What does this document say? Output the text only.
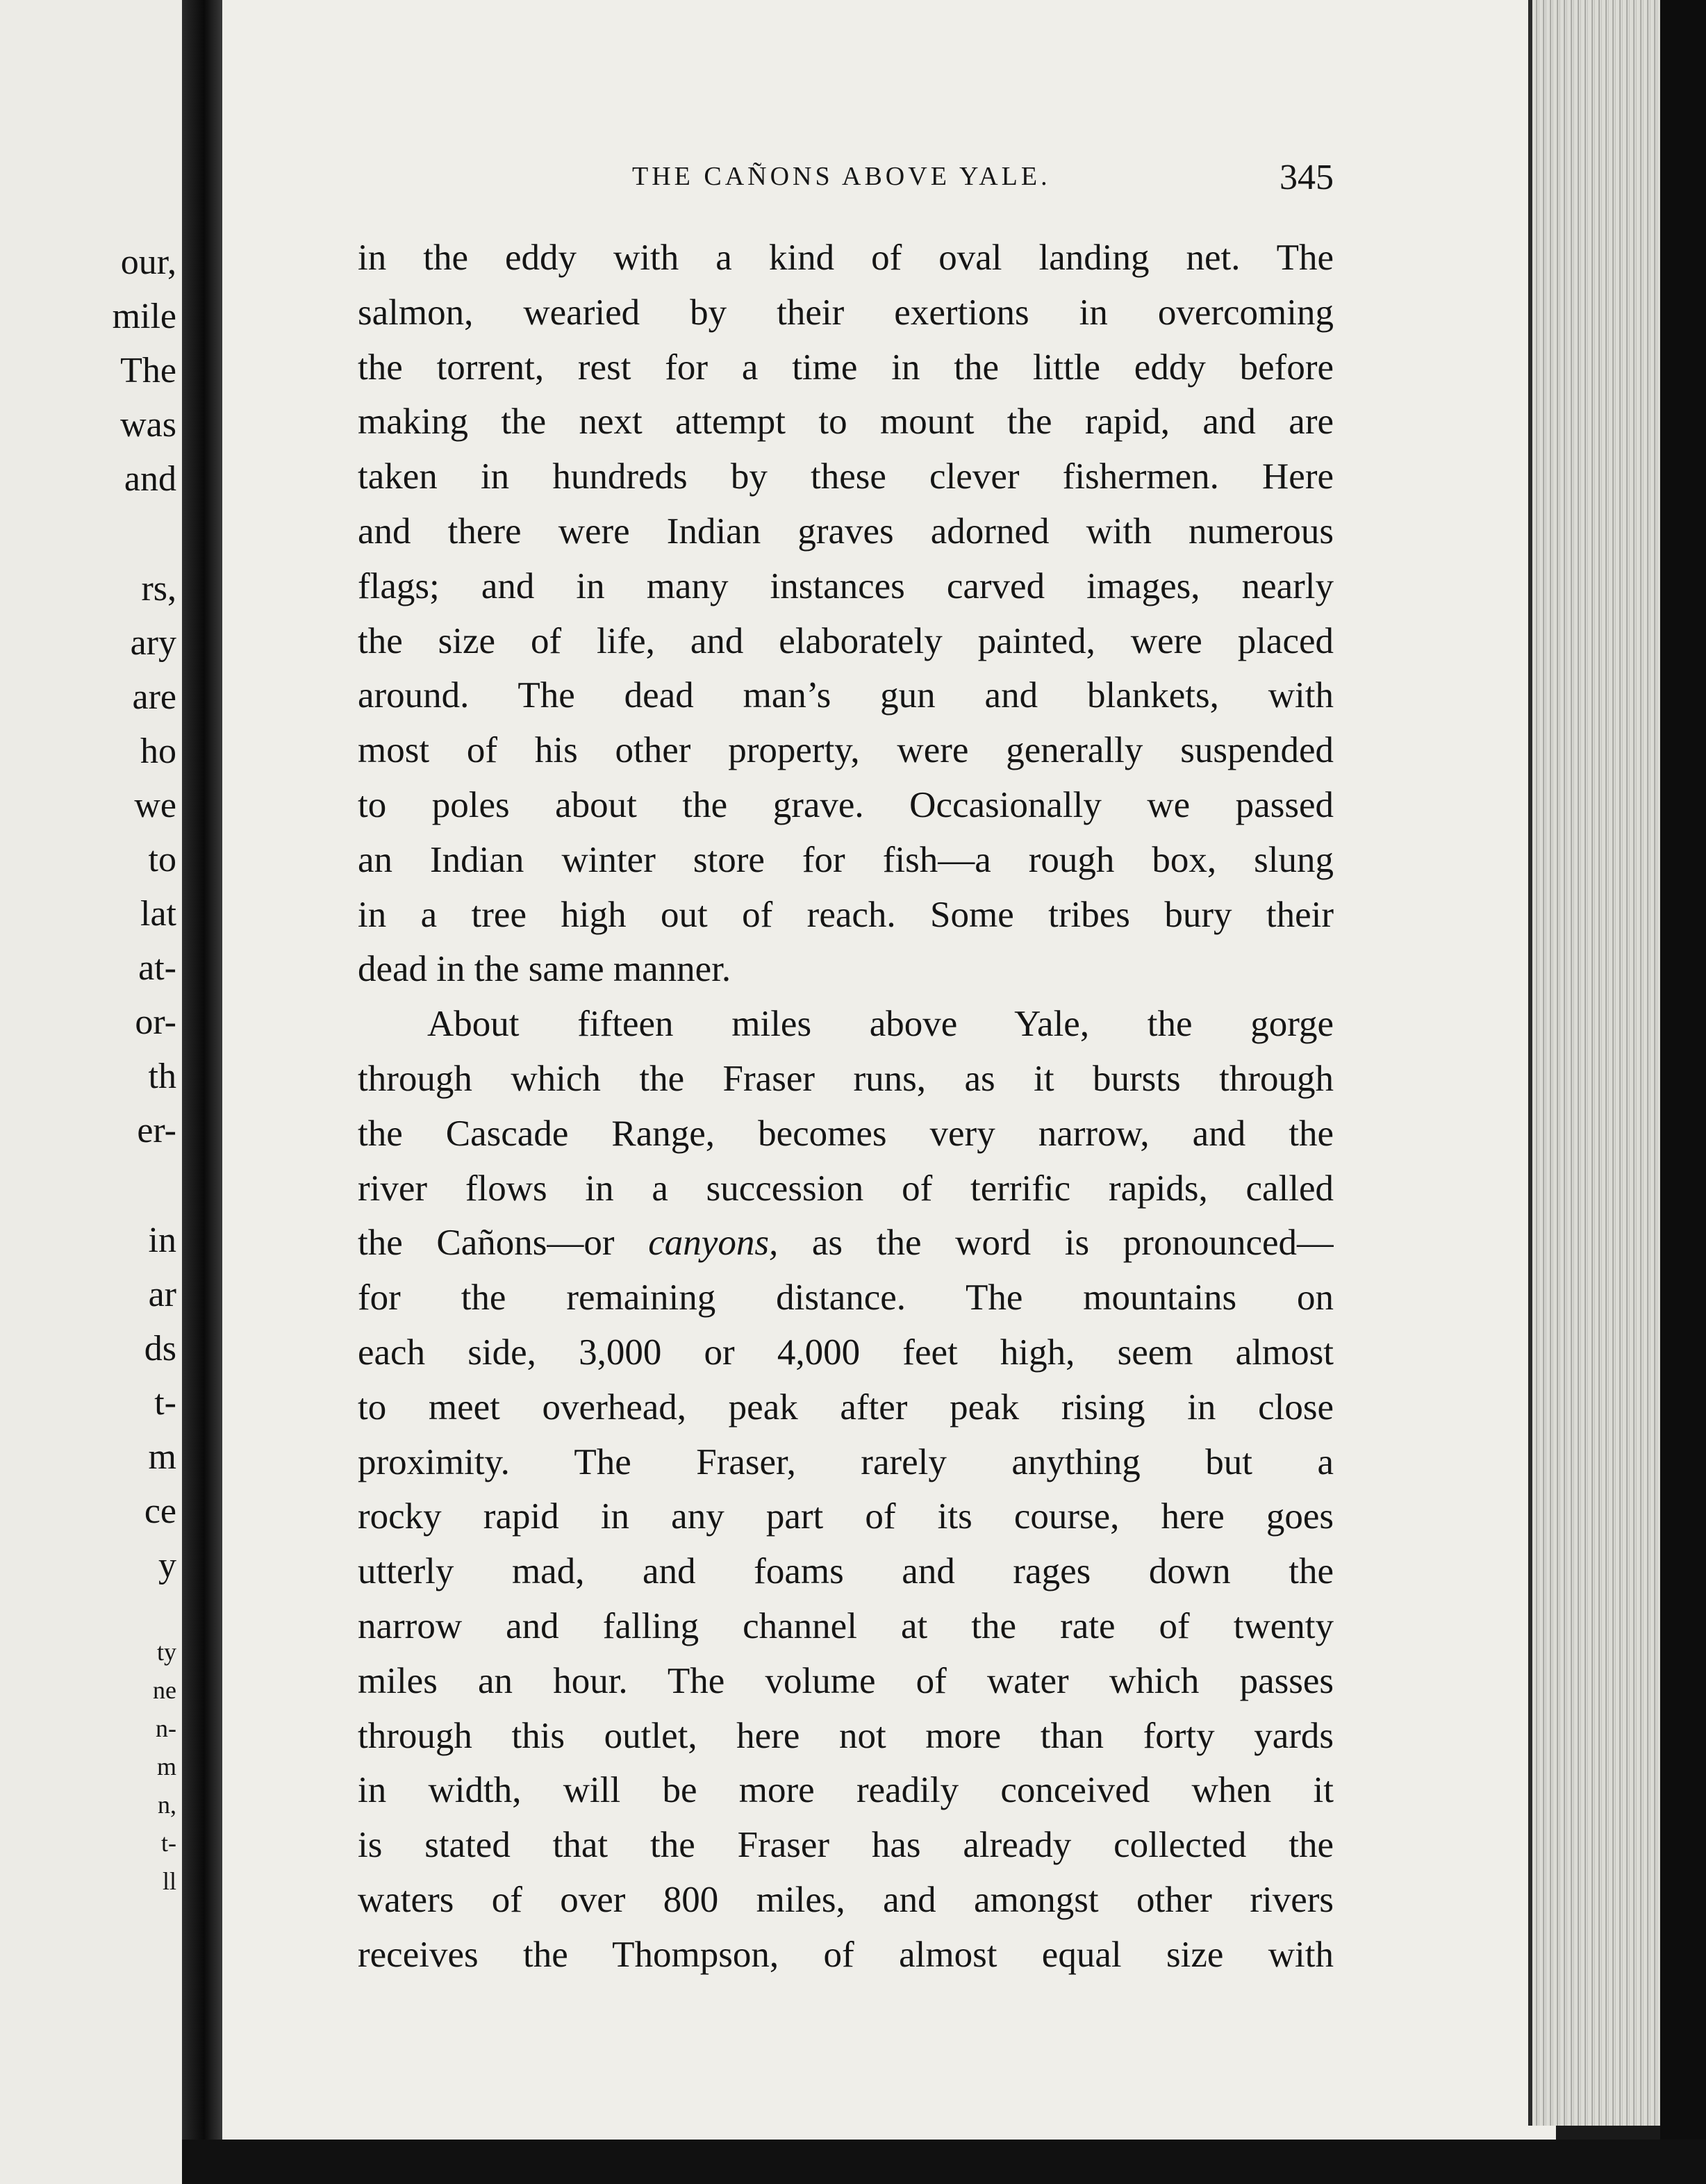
our,
mile
The
was
and
rs,
ary
are
ho
we
to
lat
at-
or-
th
er-
in
ar
ds
t-
m
ce
y
ty
ne
n-
m
n,
t-
ll
THE CAÑONS ABOVE YALE.	345
in the eddy with a kind of oval landing net. The
salmon, wearied by their exertions in overcoming
the torrent, rest for a time in the little eddy before
making the next attempt to mount the rapid, and are
taken in hundreds by these clever fishermen. Here
and there were Indian graves adorned with numerous
flags; and in many instances carved images, nearly
the size of life, and elaborately painted, were placed
around. The dead man’s gun and blankets, with
most of his other property, were generally suspended
to poles about the grave. Occasionally we passed
an Indian winter store for fish—a rough box, slung
in a tree high out of reach. Some tribes bury their
dead in the same manner.
About fifteen miles above Yale, the gorge
through which the Fraser runs, as it bursts through
the Cascade Range, becomes very narrow, and the
river flows in a succession of terrific rapids, called
the Cañons—or canyons, as the word is pronounced—
for the remaining distance. The mountains on
each side, 3,000 or 4,000 feet high, seem almost
to meet overhead, peak after peak rising in close
proximity. The Fraser, rarely anything but a
rocky rapid in any part of its course, here goes
utterly mad, and foams and rages down the
narrow and falling channel at the rate of twenty
miles an hour. The volume of water which passes
through this outlet, here not more than forty yards
in width, will be more readily conceived when it
is stated that the Fraser has already collected the
waters of over 800 miles, and amongst other rivers
receives the Thompson, of almost equal size with
